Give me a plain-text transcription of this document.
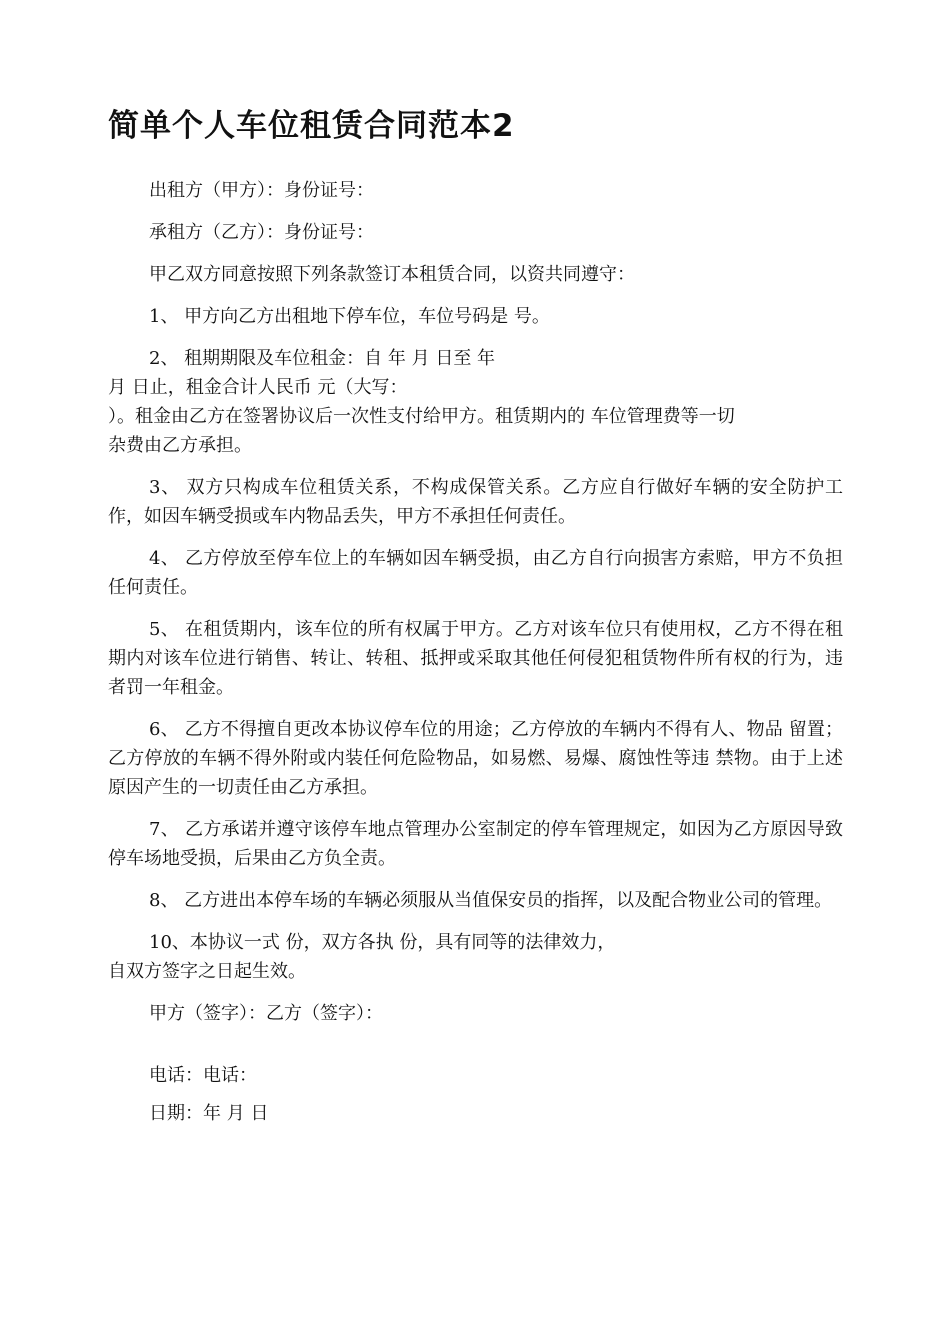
简单个人车位租赁合同范本2

出租方（甲方）：身份证号：

承租方（乙方）：身份证号：

甲乙双方同意按照下列条款签订本租赁合同，以资共同遵守：

1、 甲方向乙方出租地下停车位，车位号码是 号。

2、 租期期限及车位租金：自 年 月 日至 年
月 日止，租金合计人民币 元（大写：
）。租金由乙方在签署协议后一次性支付给甲方。租赁期内的 车位管理费等一切
杂费由乙方承担。

3、 双方只构成车位租赁关系，不构成保管关系。乙方应自行做好车辆的安全防护工作，如因车辆受损或车内物品丢失，甲方不承担任何责任。

4、 乙方停放至停车位上的车辆如因车辆受损，由乙方自行向损害方索赔，甲方不负担任何责任。

5、 在租赁期内，该车位的所有权属于甲方。乙方对该车位只有使用权，乙方不得在租期内对该车位进行销售、转让、转租、抵押或采取其他任何侵犯租赁物件所有权的行为，违者罚一年租金。

6、 乙方不得擅自更改本协议停车位的用途；乙方停放的车辆内不得有人、物品 留置；乙方停放的车辆不得外附或内装任何危险物品，如易燃、易爆、腐蚀性等违 禁物。由于上述原因产生的一切责任由乙方承担。

7、 乙方承诺并遵守该停车地点管理办公室制定的停车管理规定，如因为乙方原因导致停车场地受损，后果由乙方负全责。

8、 乙方进出本停车场的车辆必须服从当值保安员的指挥，以及配合物业公司的管理。

10、本协议一式 份，双方各执 份，具有同等的法律效力，
自双方签字之日起生效。

甲方（签字）：乙方（签字）：

电话：电话：

日期：年 月 日
